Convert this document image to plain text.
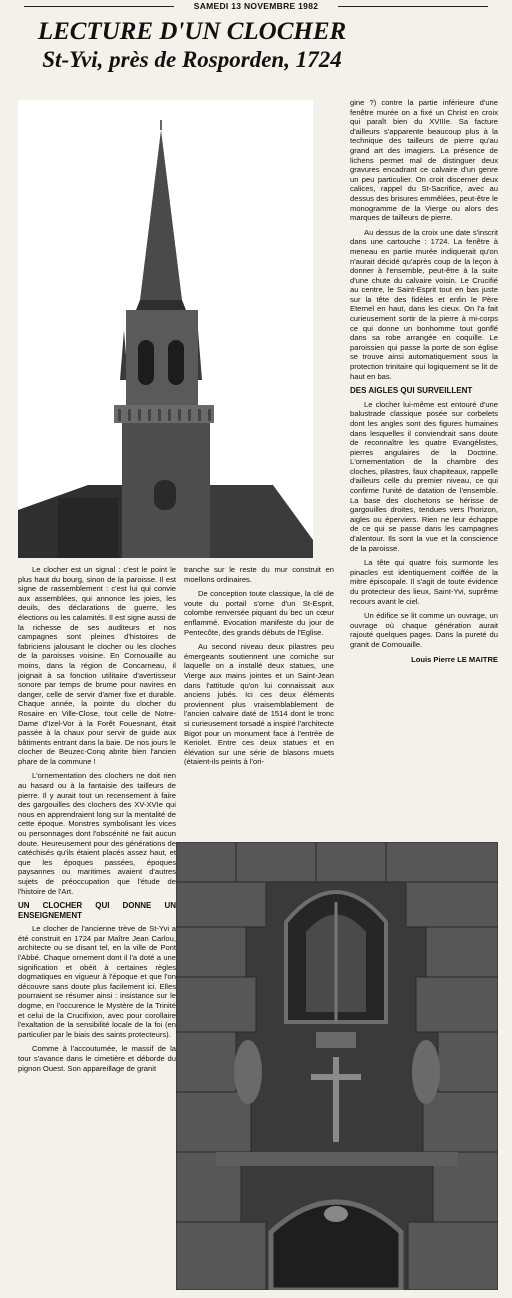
SAMEDI 13 NOVEMBRE 1982
LECTURE D'UN CLOCHER
St-Yvi, près de Rosporden, 1724

Le clocher est un signal : c'est le point le plus haut du bourg, sinon de la paroisse. Il est signe de rassemblement : c'est lui qui convie aux assemblées, qui annonce les joies, les deuils, des déclarations de guerre, les élections ou les calamités. Il est signe aussi de la richesse de ses auditeurs et nos campagnes sont pleines d'histoires de fabriciens jalousant le clocher ou les cloches de la paroisses voisine. En Cornouaille au moins, dans la région de Concarneau, il joignait à sa fonction utilitaire d'avertisseur sonore par temps de brume pour navires en danger, celle de servir d'amer fixe et durable. Chaque année, la pointe du clocher du Rosaire en Ville-Close, tout celle de Notre-Dame d'Izel-Vor à la Forêt Fouesnant, était passée à la chaux pour servir de guide aux bâtiments entrant dans la baie. De nos jours le clocher de Beuzec-Conq abrite bien l'ancien phare de la commune !

L'ornementation des clochers ne doit rien au hasard ou à la fantaisie des tailleurs de pierre. Il y aurait tout un recensement à faire des gargouilles des clochers des XV-XVIe qui nous en apprendraient long sur la mentalité de cette époque. Monstres symbolisant les vices ou personnages dont l'obscénité ne fait aucun doute. Heureusement pour des générations de catéchisés qu'ils étaient placés assez haut, et que les époques passées, époques paysannes ou maritimes avaient d'autres sujets de préoccupation que l'étude de l'histoire de l'Art.

UN CLOCHER QUI DONNE UN ENSEIGNEMENT

Le clocher de l'ancienne trève de St-Yvi a été construit en 1724 par Maître Jean Carlou, architecte ou se disant tel, en la ville de Pont l'Abbé. Chaque ornement dont il l'a doté a une signification et obéit à certaines règles dogmatiques en vigueur à l'époque et que l'on découvre sans doute plus facilement ici. Elles pourraient se résumer ainsi : insistance sur le dogme, en l'occurence le Mystère de la Trinité et celui de la Crucifixion, avec pour corollaire l'exaltation de la sensibilité locale de la foi (en particulier par le biais des saints protecteurs).

Comme à l'accoutumée, le massif de la tour s'avance dans le cimetière et déborde du pignon Ouest. Son appareillage de granit

tranche sur le reste du mur construit en moellons ordinaires.

De conception toute classique, la clé de voute du portail s'orne d'un St-Esprit, colombe renversée piquant du bec un cœur enflammé. Evocation manifeste du jour de Pentecôte, des grands débuts de l'Eglise.

Au second niveau deux pilastres peu émergeants soutiennent une corniche sur laquelle on a installé deux statues, une Vierge aux mains jointes et un Saint-Jean dans l'attitude qu'on lui connaissait aux anciens jubés. Ici ces deux éléments proviennent plus vraisemblablement de l'ancien calvaire daté de 1514 dont le tronc si curieusement torsadé a inspiré l'architecte Bigot pour un monument face à l'entrée de Keriolet. Entre ces deux statues et en élévation sur une série de blasons muets (étaient-ils peints à l'ori-

gine ?) contre la partie inférieure d'une fenêtre murée on a fixé un Christ en croix qui paraît bien du XVIIIe. Sa facture d'ailleurs s'apparente beaucoup plus à la technique des tailleurs de pierre qu'au grand art des imagiers. La présence de lichens permet mal de distinguer deux gravures encadrant ce calvaire d'un genre un peu particulier. On croit discerner deux calices, rappel du St-Sacrifice, avec au dessus des brisures emmêlées, peut-être le monogramme de la Vierge ou alors des marques de tailleurs de pierre.

Au dessus de la croix une date s'inscrit dans une cartouche : 1724. La fenêtre à meneau en partie murée indiquerait qu'on n'aurait décidé qu'après coup de la leçon à donner à l'ensemble, peut-être à la suite d'une chute du calvaire voisin. Le Crucifié au centre, le Saint-Esprit tout en bas juste sur la tête des fidèles et enfin le Père Eternel en haut, dans les cieux. On l'a fait curieusement sortir de la pierre à mi-corps ce qui donne un bonhomme tout gonflé dans sa robe arrangée en coquille. Le paroissien qui passe la porte de son église se trouve ainsi automatiquement sous la protection trinitaire qui logiquement se lit de haut en bas.

DES AIGLES QUI SURVEILLENT

Le clocher lui-même est entouré d'une balustrade classique posée sur corbelets dont les angles sont des figures humaines dans lesquelles il conviendrait sans doute de reconnaître les quatre Evangélistes, pierres angulaires de la Doctrine. L'ornementation de la chambre des cloches, pilastres, faux chapiteaux, rappelle d'ailleurs celle du premier niveau, ce qui confirme l'unité de datation de l'ensemble. La base des clochetons se hérisse de gargouilles droites, tendues vers l'horizon, aigles ou éperviers. Rien ne leur échappe de ce qui se passe dans les campagnes d'alentour. Ils sont la vue et la conscience de la paroisse.

La tête qui quatre fois surmonte les pinacles est identiquement coiffée de la mitre épiscopale. Il s'agit de toute évidence du protecteur des lieux, Saint-Yvi, suprême recours avant le ciel.

Un édifice se lit comme un ouvrage, un ouvrage où chaque génération aurait rajouté quelques pages. Dans la pureté du granit de Cornouaille.

Louis Pierre LE MAITRE
